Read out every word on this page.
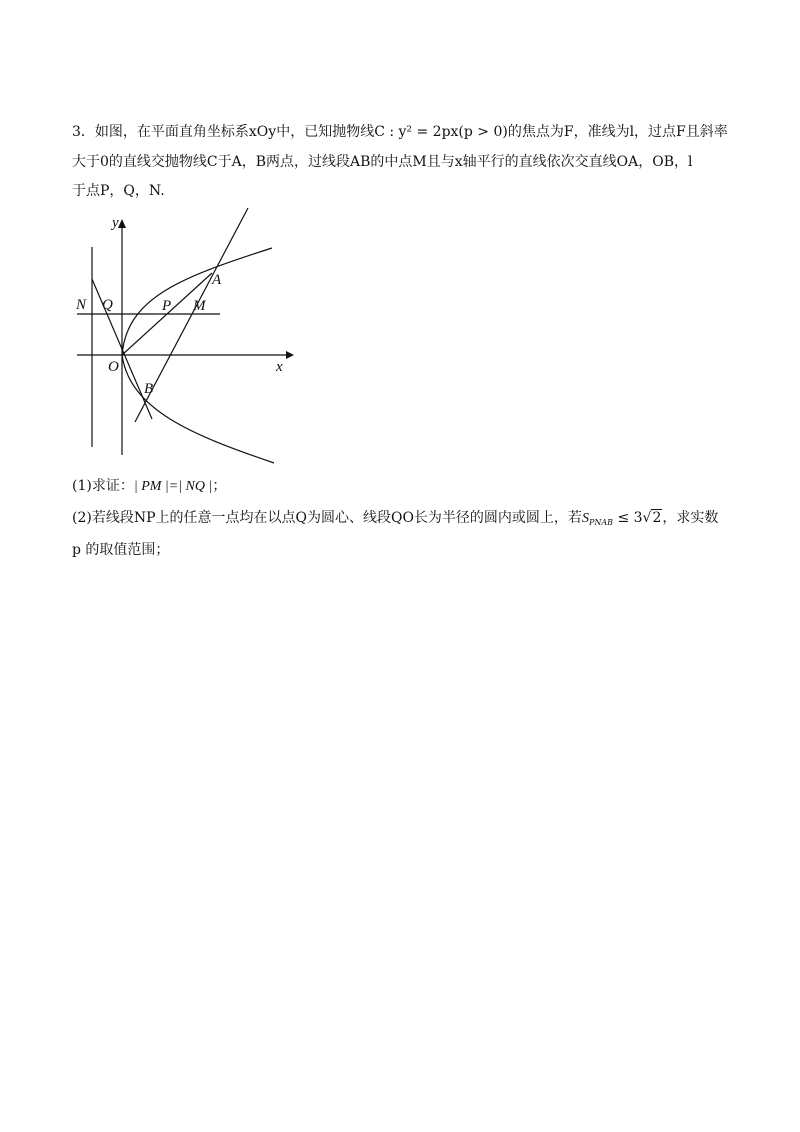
3．如图，在平面直角坐标系xOy中，已知抛物线C : y² = 2px(p > 0)的焦点为F，准线为l，过点F且斜率
大于0的直线交抛物线C于A，B两点，过线段AB的中点M且与x轴平行的直线依次交直线OA，OB，l
于点P，Q，N.
y
x
O
A
B
N Q	P M
(1)求证：| PM |=| NQ |；
(2)若线段NP上的任意一点均在以点Q为圆心、线段QO长为半径的圆内或圆上，若$S_{PNAB} \le 3√2$，求实数
p 的取值范围；
